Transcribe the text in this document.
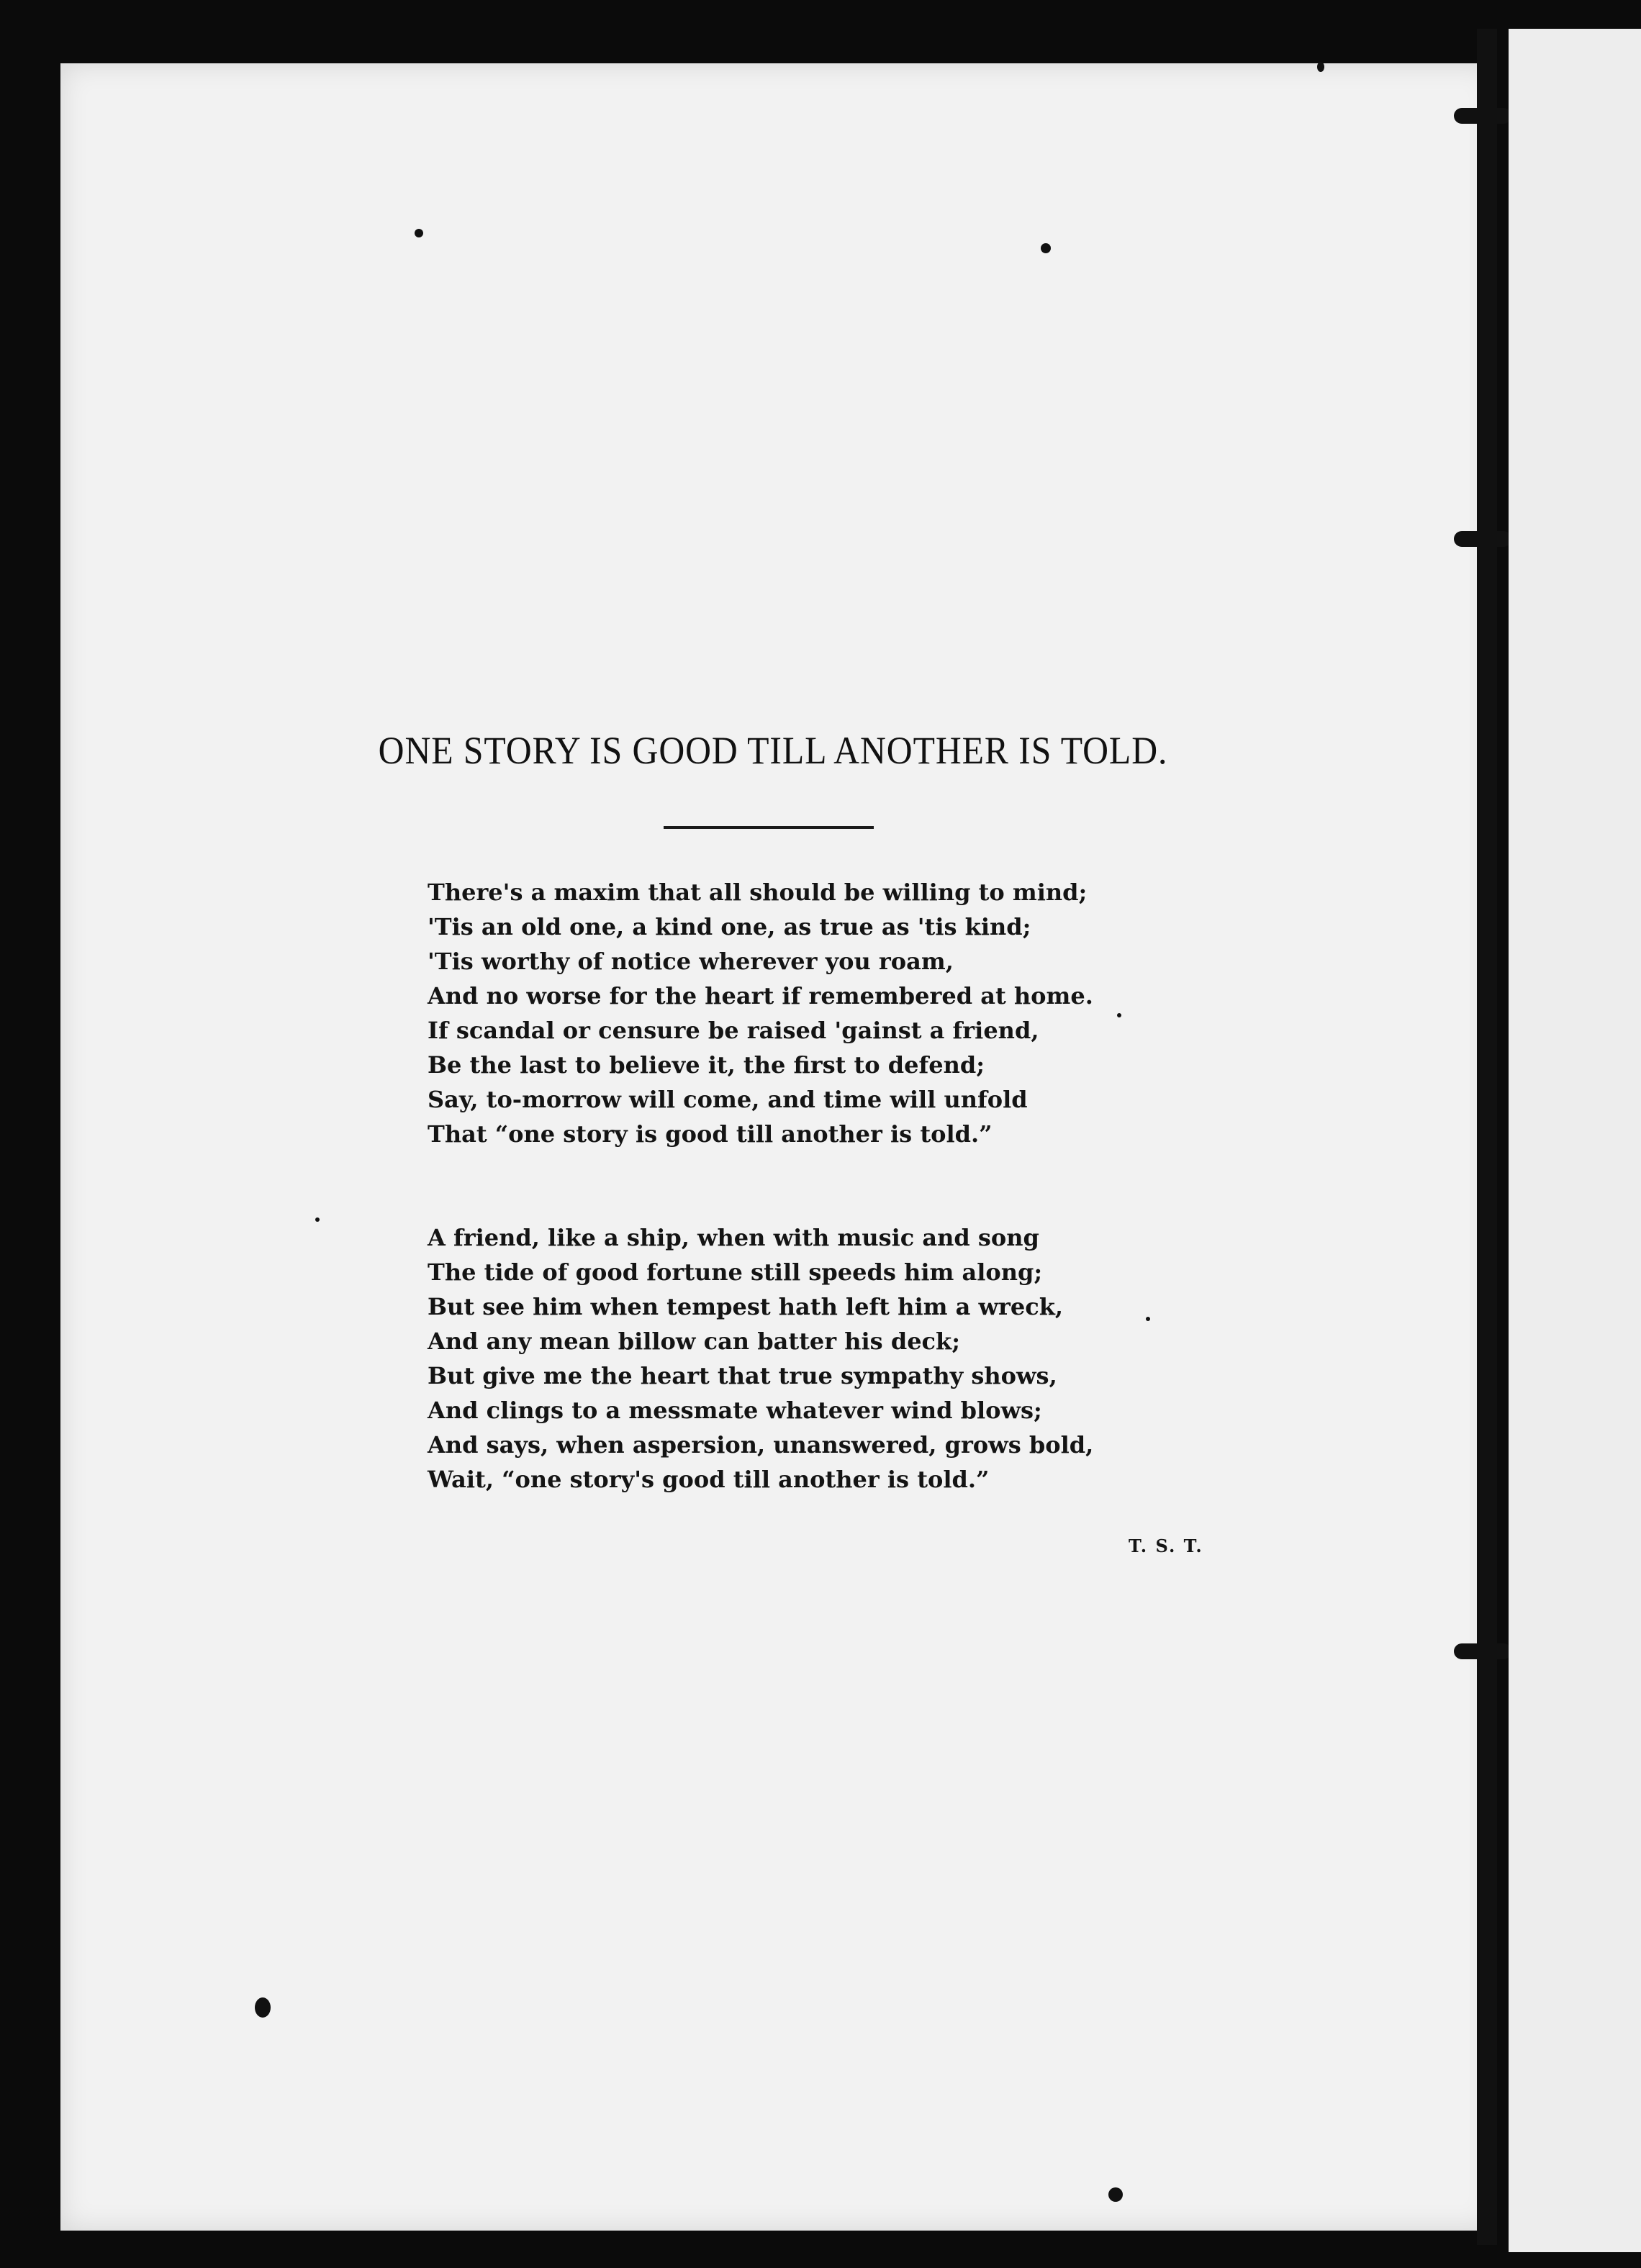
ONE STORY IS GOOD TILL ANOTHER IS TOLD.
There's a maxim that all should be willing to mind;
'Tis an old one, a kind one, as true as 'tis kind;
'Tis worthy of notice wherever you roam,
And no worse for the heart if remembered at home.
If scandal or censure be raised 'gainst a friend,
Be the last to believe it, the first to defend;
Say, to-morrow will come, and time will unfold
That “one story is good till another is told.”
A friend, like a ship, when with music and song
The tide of good fortune still speeds him along;
But see him when tempest hath left him a wreck,
And any mean billow can batter his deck;
But give me the heart that true sympathy shows,
And clings to a messmate whatever wind blows;
And says, when aspersion, unanswered, grows bold,
Wait, “one story's good till another is told.”

T. S. T.
